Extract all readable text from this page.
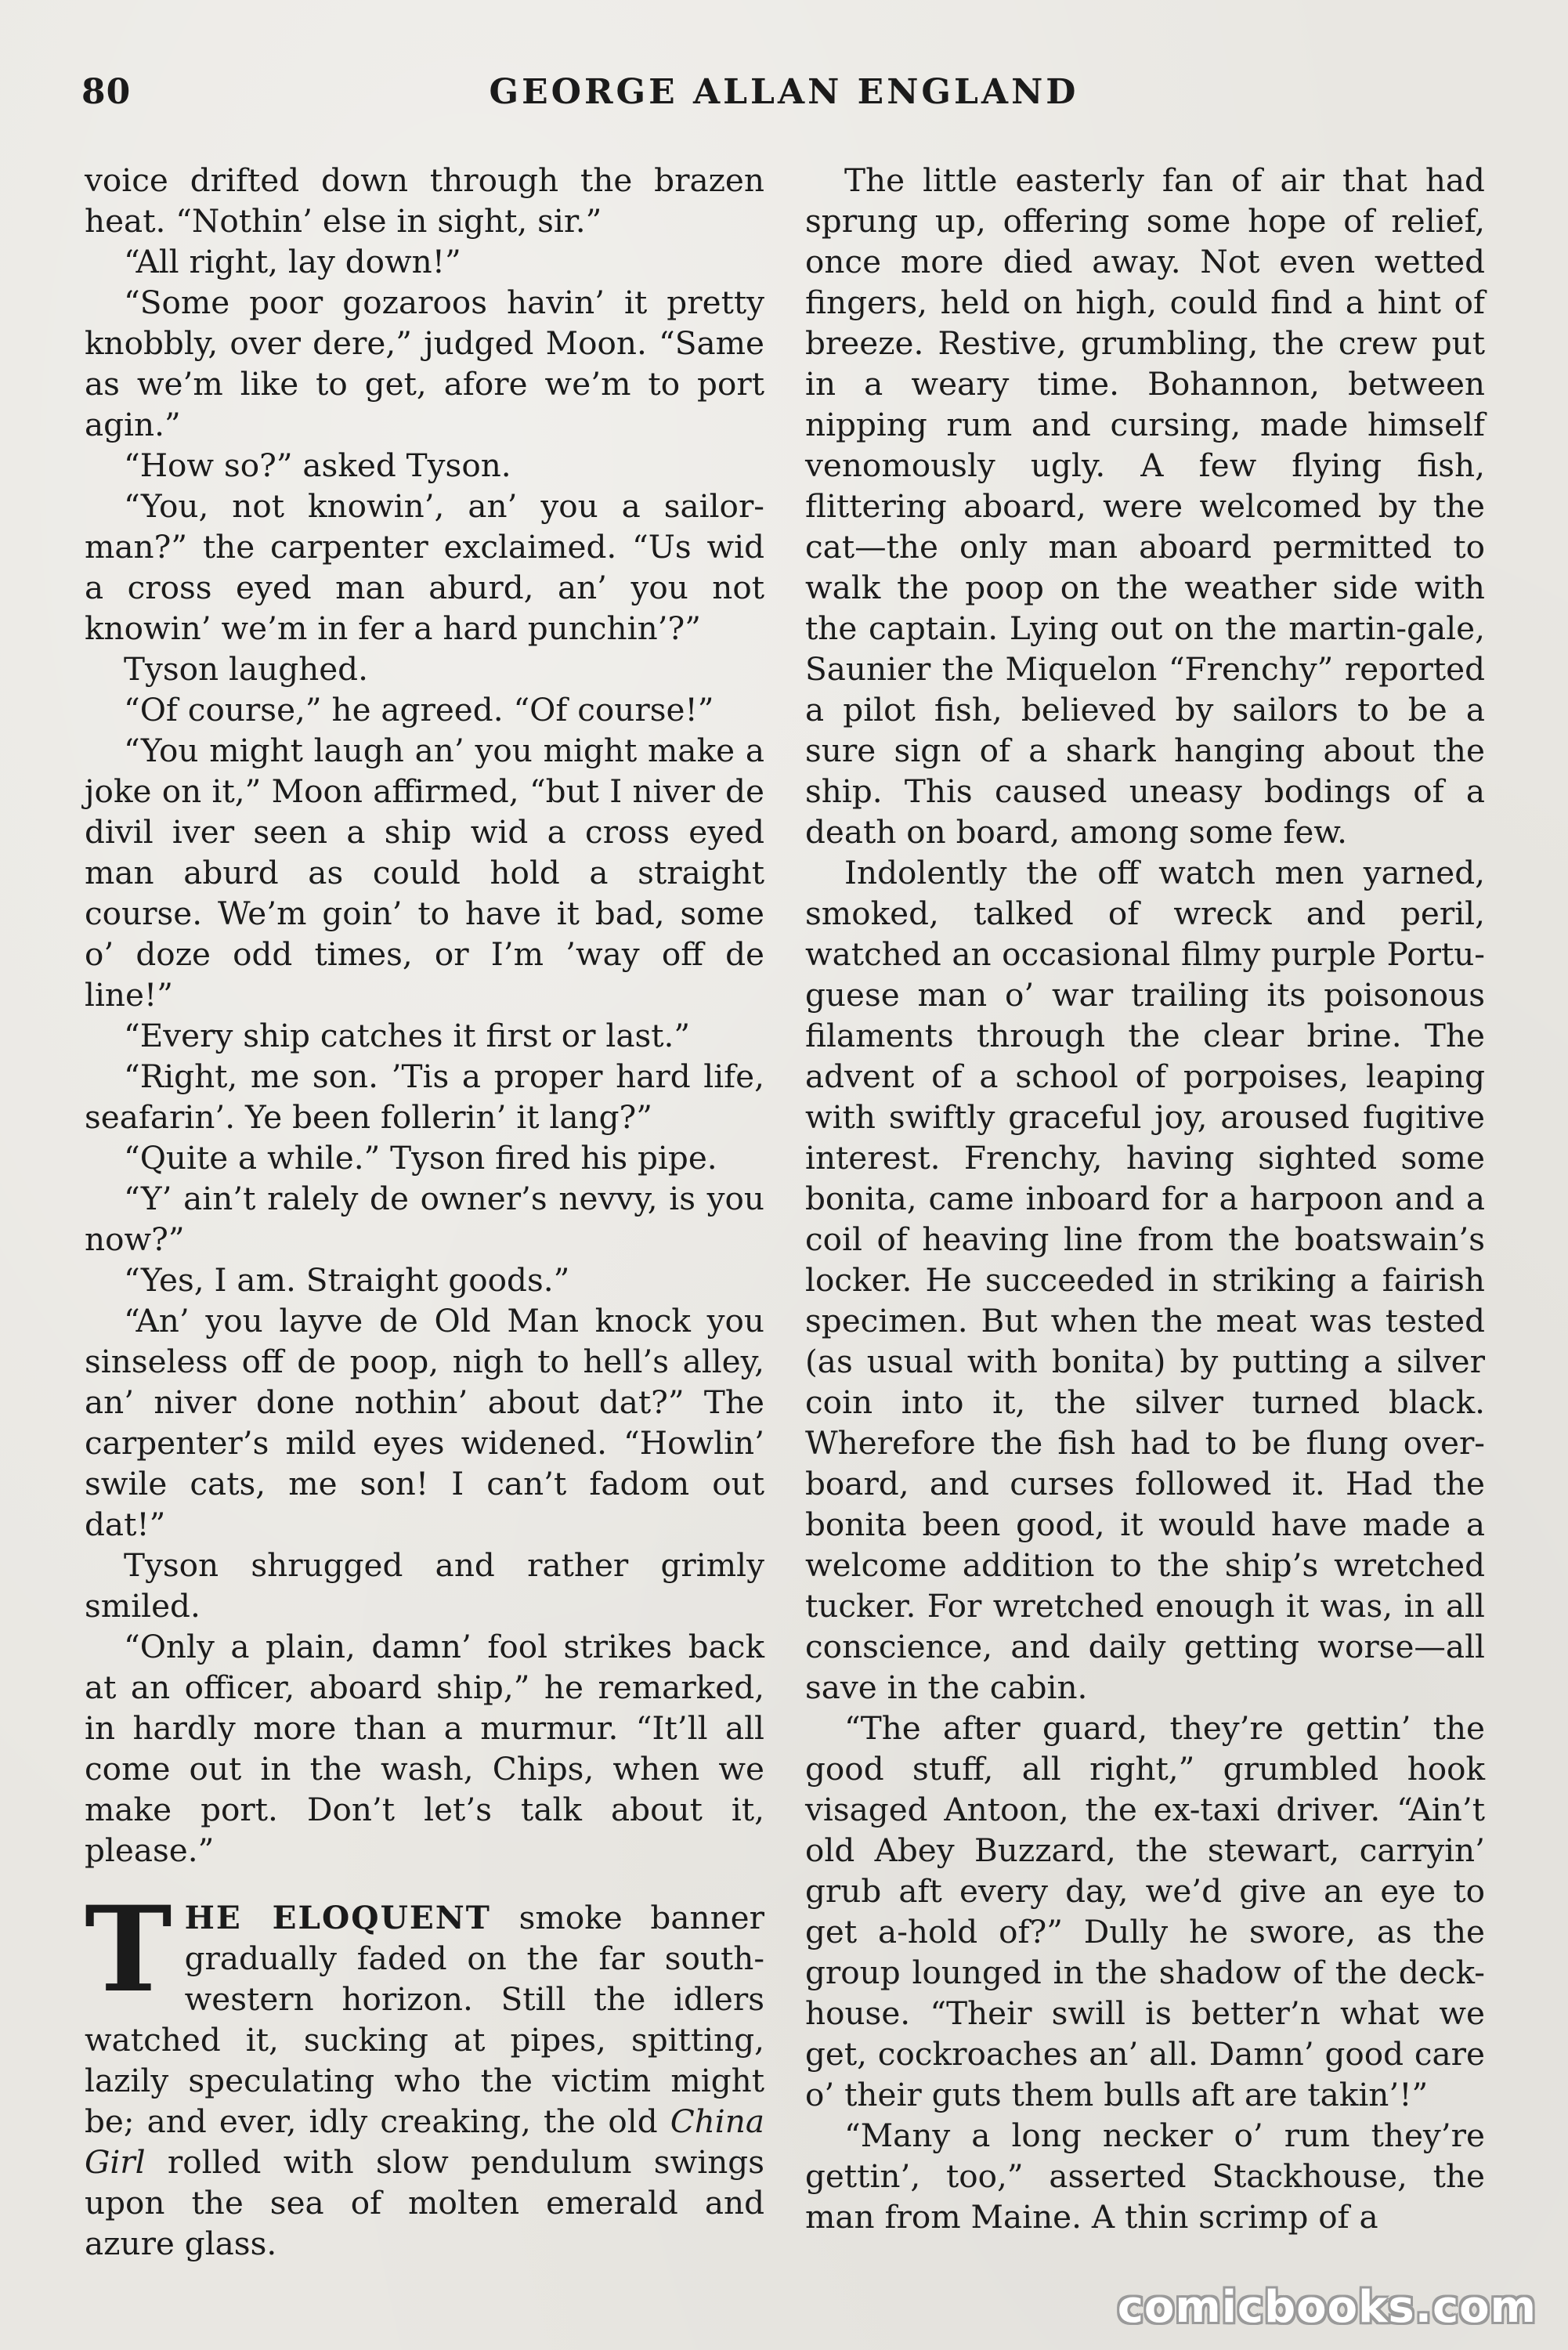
80	GEORGE ALLAN ENGLAND

voice drifted down through the brazen heat. “Nothin’ else in sight, sir.”

“All right, lay down!”

“Some poor gozaroos havin’ it pretty knobbly, over dere,” judged Moon. “Same as we’m like to get, afore we’m to port agin.”

“How so?” asked Tyson.

“You, not knowin’, an’ you a sailor-man?” the carpenter exclaimed. “Us wid a cross eyed man aburd, an’ you not knowin’ we’m in fer a hard punchin’?”

Tyson laughed.

“Of course,” he agreed. “Of course!”

“You might laugh an’ you might make a joke on it,” Moon affirmed, “but I niver de divil iver seen a ship wid a cross eyed man aburd as could hold a straight course. We’m goin’ to have it bad, some o’ doze odd times, or I’m ’way off de line!”

“Every ship catches it first or last.”

“Right, me son. ’Tis a proper hard life, seafarin’. Ye been follerin’ it lang?”

“Quite a while.” Tyson fired his pipe.

“Y’ ain’t ralely de owner’s nevvy, is you now?”

“Yes, I am. Straight goods.”

“An’ you layve de Old Man knock you sinseless off de poop, nigh to hell’s alley, an’ niver done nothin’ about dat?” The carpenter’s mild eyes widened. “Howlin’ swile cats, me son! I can’t fadom out dat!”

Tyson shrugged and rather grimly smiled.

“Only a plain, damn’ fool strikes back at an officer, aboard ship,” he remarked, in hardly more than a murmur. “It’ll all come out in the wash, Chips, when we make port. Don’t let’s talk about it, please.”

THE ELOQUENT smoke banner gradually faded on the far south-western horizon. Still the idlers watched it, sucking at pipes, spitting, lazily speculating who the victim might be; and ever, idly creaking, the old China Girl rolled with slow pendulum swings upon the sea of molten emerald and azure glass.

The little easterly fan of air that had sprung up, offering some hope of relief, once more died away. Not even wetted fingers, held on high, could find a hint of breeze. Restive, grumbling, the crew put in a weary time. Bohannon, between nipping rum and cursing, made himself venomously ugly. A few flying fish, flittering aboard, were welcomed by the cat—the only man aboard permitted to walk the poop on the weather side with the captain. Lying out on the martin-gale, Saunier the Miquelon “Frenchy” reported a pilot fish, believed by sailors to be a sure sign of a shark hanging about the ship. This caused uneasy bodings of a death on board, among some few.

Indolently the off watch men yarned, smoked, talked of wreck and peril, watched an occasional filmy purple Portu-guese man o’ war trailing its poisonous filaments through the clear brine. The advent of a school of porpoises, leaping with swiftly graceful joy, aroused fugitive interest. Frenchy, having sighted some bonita, came inboard for a harpoon and a coil of heaving line from the boatswain’s locker. He succeeded in striking a fairish specimen. But when the meat was tested (as usual with bonita) by putting a silver coin into it, the silver turned black. Wherefore the fish had to be flung over-board, and curses followed it. Had the bonita been good, it would have made a welcome addition to the ship’s wretched tucker. For wretched enough it was, in all conscience, and daily getting worse—all save in the cabin.

“The after guard, they’re gettin’ the good stuff, all right,” grumbled hook visaged Antoon, the ex-taxi driver. “Ain’t old Abey Buzzard, the stewart, carryin’ grub aft every day, we’d give an eye to get a-hold of?” Dully he swore, as the group lounged in the shadow of the deck-house. “Their swill is better’n what we get, cockroaches an’ all. Damn’ good care o’ their guts them bulls aft are takin’!”

“Many a long necker o’ rum they’re gettin’, too,” asserted Stackhouse, the man from Maine. A thin scrimp of a

comicbooks.com
